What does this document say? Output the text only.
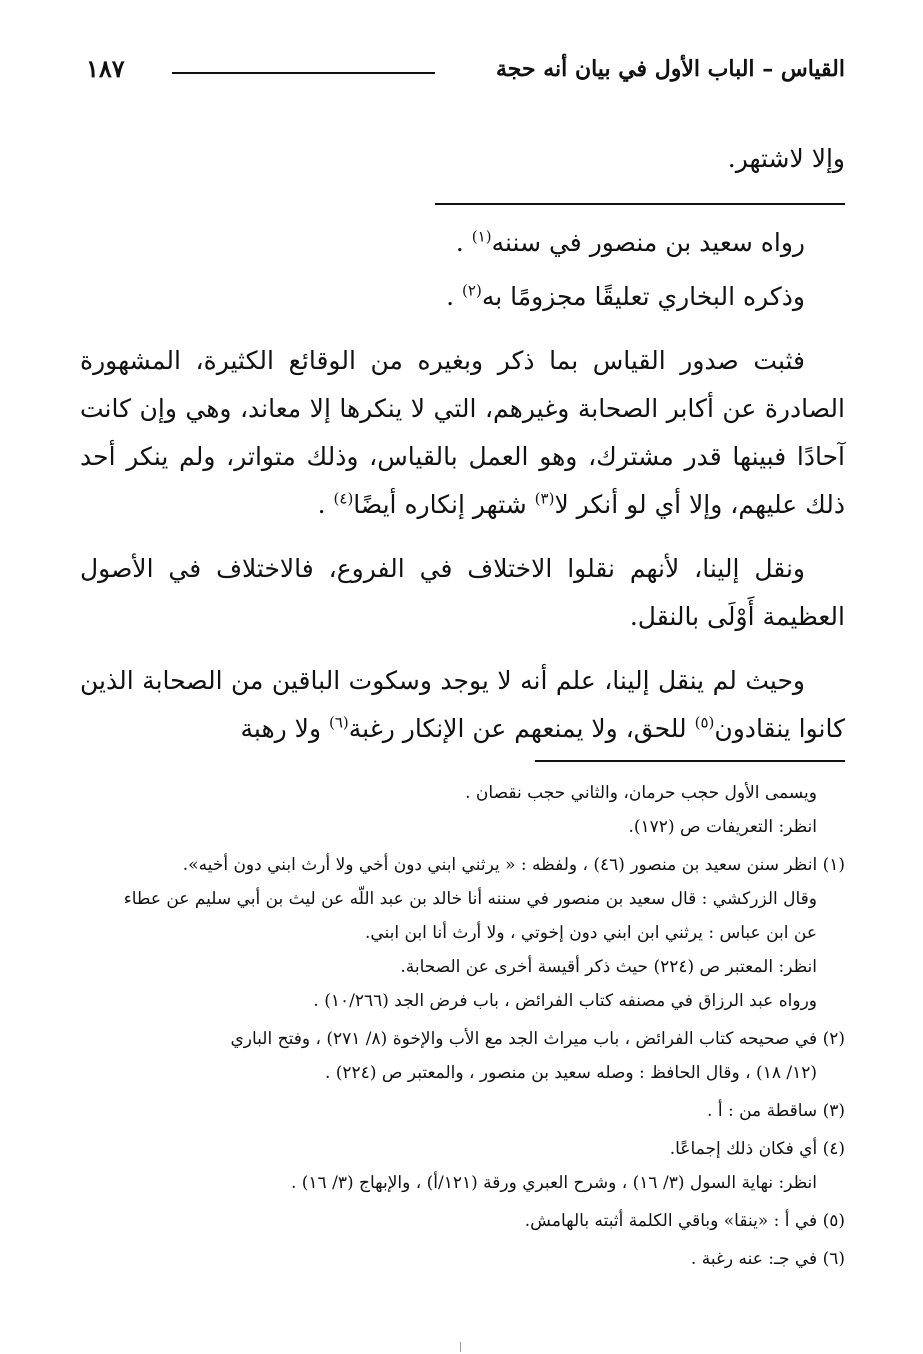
القياس – الباب الأول في بيان أنه حجة
١٨٧

وإلا لاشتهر.

رواه سعيد بن منصور في سننه$^{(١)}$ .

وذكره البخاري تعليقًا مجزومًا به$^{(٢)}$ .

فثبت صدور القياس بما ذكر وبغيره من الوقائع الكثيرة، المشهورة الصادرة عن أكابر الصحابة وغيرهم، التي لا ينكرها إلا معاند، وهي وإن كانت آحادًا فبينها قدر مشترك، وهو العمل بالقياس، وذلك متواتر، ولم ينكر أحد ذلك عليهم، وإلا أي لو أنكر لا$^{(٣)}$ شتهر إنكاره أيضًا$^{(٤)}$ .

ونقل إلينا، لأنهم نقلوا الاختلاف في الفروع، فالاختلاف في الأصول العظيمة أَوْلَى بالنقل.

وحيث لم ينقل إلينا، علم أنه لا يوجد وسكوت الباقين من الصحابة الذين كانوا ينقادون$^{(٥)}$ للحق، ولا يمنعهم عن الإنكار رغبة$^{(٦)}$ ولا رهبة

ويسمى الأول حجب حرمان، والثاني حجب نقصان .

انظر: التعريفات ص (١٧٢).

(١) انظر سنن سعيد بن منصور (٤٦) ، ولفظه : « يرثني ابني دون أخي ولا أرث ابني دون أخيه».

وقال الزركشي : قال سعيد بن منصور في سننه أنا خالد بن عبد اللّه عن ليث بن أبي سليم عن عطاء

عن ابن عباس : يرثني ابن ابني دون إخوتي ، ولا أرث أنا ابن ابني.

انظر: المعتبر ص (٢٢٤) حيث ذكر أقيسة أخرى عن الصحابة.

ورواه عبد الرزاق في مصنفه كتاب الفرائض ، باب فرض الجد (١٠/٢٦٦) .

(٢) في صحيحه كتاب الفرائض ، باب ميراث الجد مع الأب والإخوة (٨/ ٢٧١) ، وفتح الباري

(١٢/ ١٨) ، وقال الحافظ : وصله سعيد بن منصور ، والمعتبر ص (٢٢٤) .

(٣) ساقطة من : أ .

(٤) أي فكان ذلك إجماعًا.

انظر: نهاية السول (٣/ ١٦) ، وشرح العبري ورقة (١٢١/أ) ، والإبهاج (٣/ ١٦) .

(٥) في أ : «ينقا» وباقي الكلمة أثبته بالهامش.

(٦) في جـ: عنه رغبة .
